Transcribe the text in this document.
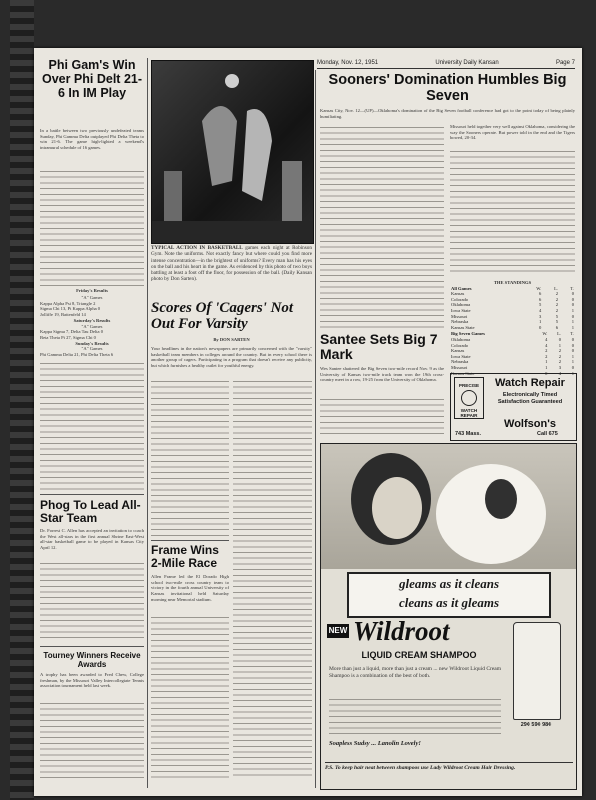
Monday, Nov. 12, 1951	University Daily Kansan	Page 7
Phi Gam's Win Over Phi Delt 21-6 In IM Play
In a battle between two previously undefeated teams Sunday, Phi Gamma Delta outplayed Phi Delta Theta to win 21-6. The game high-lighted a weekend's intramural schedule of 16 games.
Friday's Results
"A" Games
Kappa Alpha Psi 8, Triangle 2
Sigma Chi 13, Pi Kappa Alpha 0
Jolliffe 19, Battenfeld 14
Saturday's Results
"A" Games
Kappa Sigma 7, Delta Tau Delta 0
Beta Theta Pi 27, Sigma Chi 0
Sunday's Results
"A" Games
Phi Gamma Delta 21, Phi Delta Theta 6
Phog To Lead All-Star Team
Dr. Forrest C. Allen has accepted an invitation to coach the West all-stars in the first annual Shrine East-West all-star basketball game to be played in Kansas City April 12.
Tourney Winners Receive Awards
A trophy has been awarded to Fred Chew, College freshman, by the Missouri Valley Intercollegiate Tennis association tournament held last week.
TYPICAL ACTION IN BASKETBALL games each night at Robinson Gym. Note the uniforms. Not exactly fancy but where could you find more intense concentration—in the brightest of uniforms? Every man has his eyes on the ball and his heart in the game. As evidenced by this photo of two boys battling at least a foot off the floor, for possession of the ball. (Daily Kansan photo by Don Sarten).
Scores Of 'Cagers' Not Out For Varsity
By DON SARTEN
Your headlines in the nation's newspapers are primarily concerned with the "varsity" basketball team members in colleges around the country. But in every school there is another group of cagers. Participating in a program that doesn't receive any publicity, but which furnishes a healthy outlet for youthful energy.
Frame Wins 2-Mile Race
Allen Frame led the El Dorado High school two-mile cross country team to victory in the fourth annual University of Kansas invitational held Saturday morning near Memorial stadium.
Sooners' Domination Humbles Big Seven
Kansas City, Nov. 12—(UP)—Oklahoma's domination of the Big Seven football conference had got to the point today of being plainly humiliating.
Missouri held together very well against Oklahoma, considering the way the Sooners operate. But power told in the end and the Tigers bowed, 20-34.
THE STANDINGS
All Games	W.	L.	T.
Kansas	6	2	0
Colorado	6	2	0
Oklahoma	5	2	0
Iowa State	4	2	1
Missouri	3	5	0
Nebraska	1	5	1
Kansas State	0	6	1
Big Seven Games	W.	L.	T.
Oklahoma	4	0	0
Colorado	4	1	0
Kansas	2	2	0
Iowa State	2	2	1
Nebraska	1	2	1
Missouri	1	3	0
Kansas State	0	4	1
Santee Sets Big 7 Mark
Wes Santee shattered the Big Seven two-mile record Nov. 9 as the University of Kansas two-mile track team won the 19th cross-country meet in a row, 19-25 from the University of Oklahoma.
PRECISE
WATCH REPAIR
Watch Repair
Electronically Timed Satisfaction Guaranteed
Wolfson's
743 Mass.	Call 675
gleams as it cleans
cleans as it gleams
NEW Wildroot
LIQUID CREAM SHAMPOO
More than just a liquid, more than just a cream ... new Wildroot Liquid Cream Shampoo is a combination of the best of both.
29¢ 59¢ 98¢
Soapless Sudsy ... Lanolin Lovely!
P.S. To keep hair neat between shampoos use Lady Wildroot Cream Hair Dressing.
